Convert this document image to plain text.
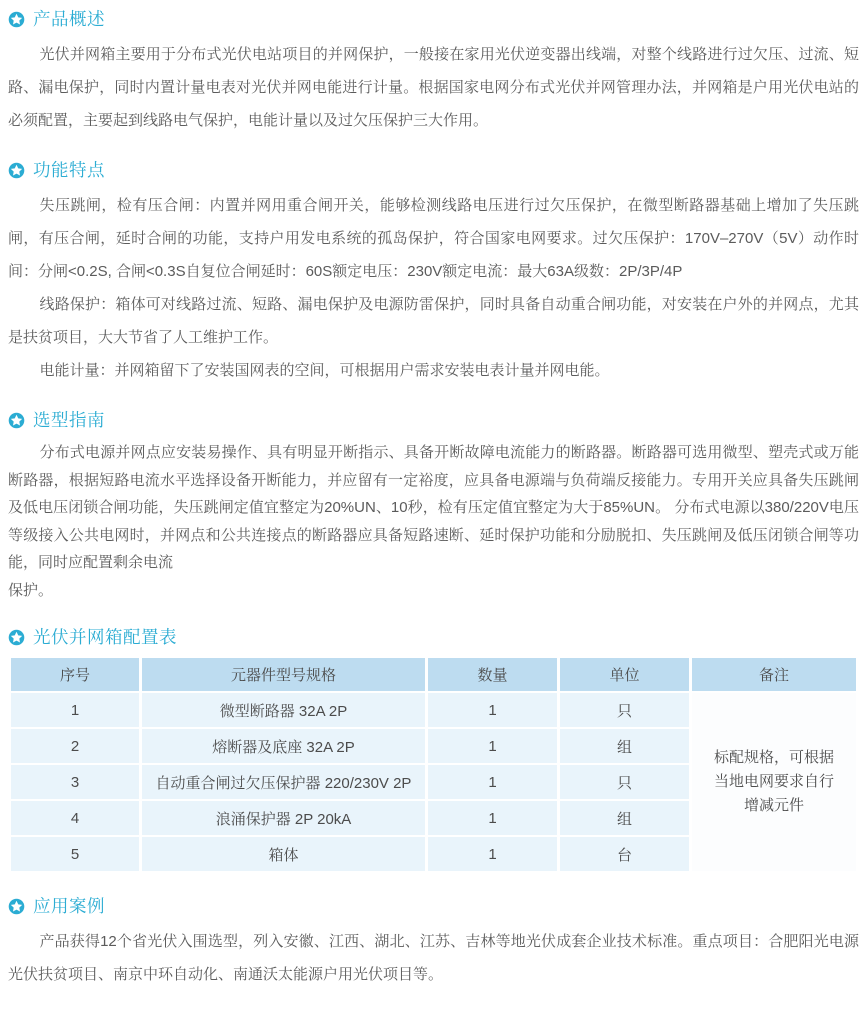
产品概述

光伏并网箱主要用于分布式光伏电站项目的并网保护，一般接在家用光伏逆变器出线端，对整个线路进行过欠压、过流、短路、漏电保护，同时内置计量电表对光伏并网电能进行计量。根据国家电网分布式光伏并网管理办法，并网箱是户用光伏电站的必须配置，主要起到线路电气保护，电能计量以及过欠压保护三大作用。

功能特点

失压跳闸，检有压合闸：内置并网用重合闸开关，能够检测线路电压进行过欠压保护，在微型断路器基础上增加了失压跳闸，有压合闸，延时合闸的功能，支持户用发电系统的孤岛保护，符合国家电网要求。过欠压保护：170V–270V（5V）动作时间：分闸<0.2S, 合闸<0.3S自复位合闸延时：60S额定电压：230V额定电流：最大63A级数：2P/3P/4P

线路保护：箱体可对线路过流、短路、漏电保护及电源防雷保护，同时具备自动重合闸功能，对安装在户外的并网点，尤其是扶贫项目，大大节省了人工维护工作。

电能计量：并网箱留下了安装国网表的空间，可根据用户需求安装电表计量并网电能。

选型指南

分布式电源并网点应安装易操作、具有明显开断指示、具备开断故障电流能力的断路器。断路器可选用微型、塑壳式或万能断路器，根据短路电流水平选择设备开断能力，并应留有一定裕度，应具备电源端与负荷端反接能力。专用开关应具备失压跳闸及低电压闭锁合闸功能，失压跳闸定值宜整定为20%UN、10秒，检有压定值宜整定为大于85%UN。 分布式电源以380/220V电压等级接入公共电网时，并网点和公共连接点的断路器应具备短路速断、延时保护功能和分励脱扣、失压跳闸及低压闭锁合闸等功能，同时应配置剩余电流

保护。

光伏并网箱配置表
序号	元器件型号规格	数量	单位	备注
1	微型断路器 32A 2P	1	只	标配规格，可根据当地电网要求自行增减元件

2	熔断器及底座 32A 2P	1	组	
3	自动重合闸过欠压保护器 220/230V 2P	1	只	
4	浪涌保护器 2P 20kA	1	组	
5	箱体	1	台	
应用案例

产品获得12个省光伏入围选型，列入安徽、江西、湖北、江苏、吉林等地光伏成套企业技术标准。重点项目：合肥阳光电源光伏扶贫项目、南京中环自动化、南通沃太能源户用光伏项目等。
